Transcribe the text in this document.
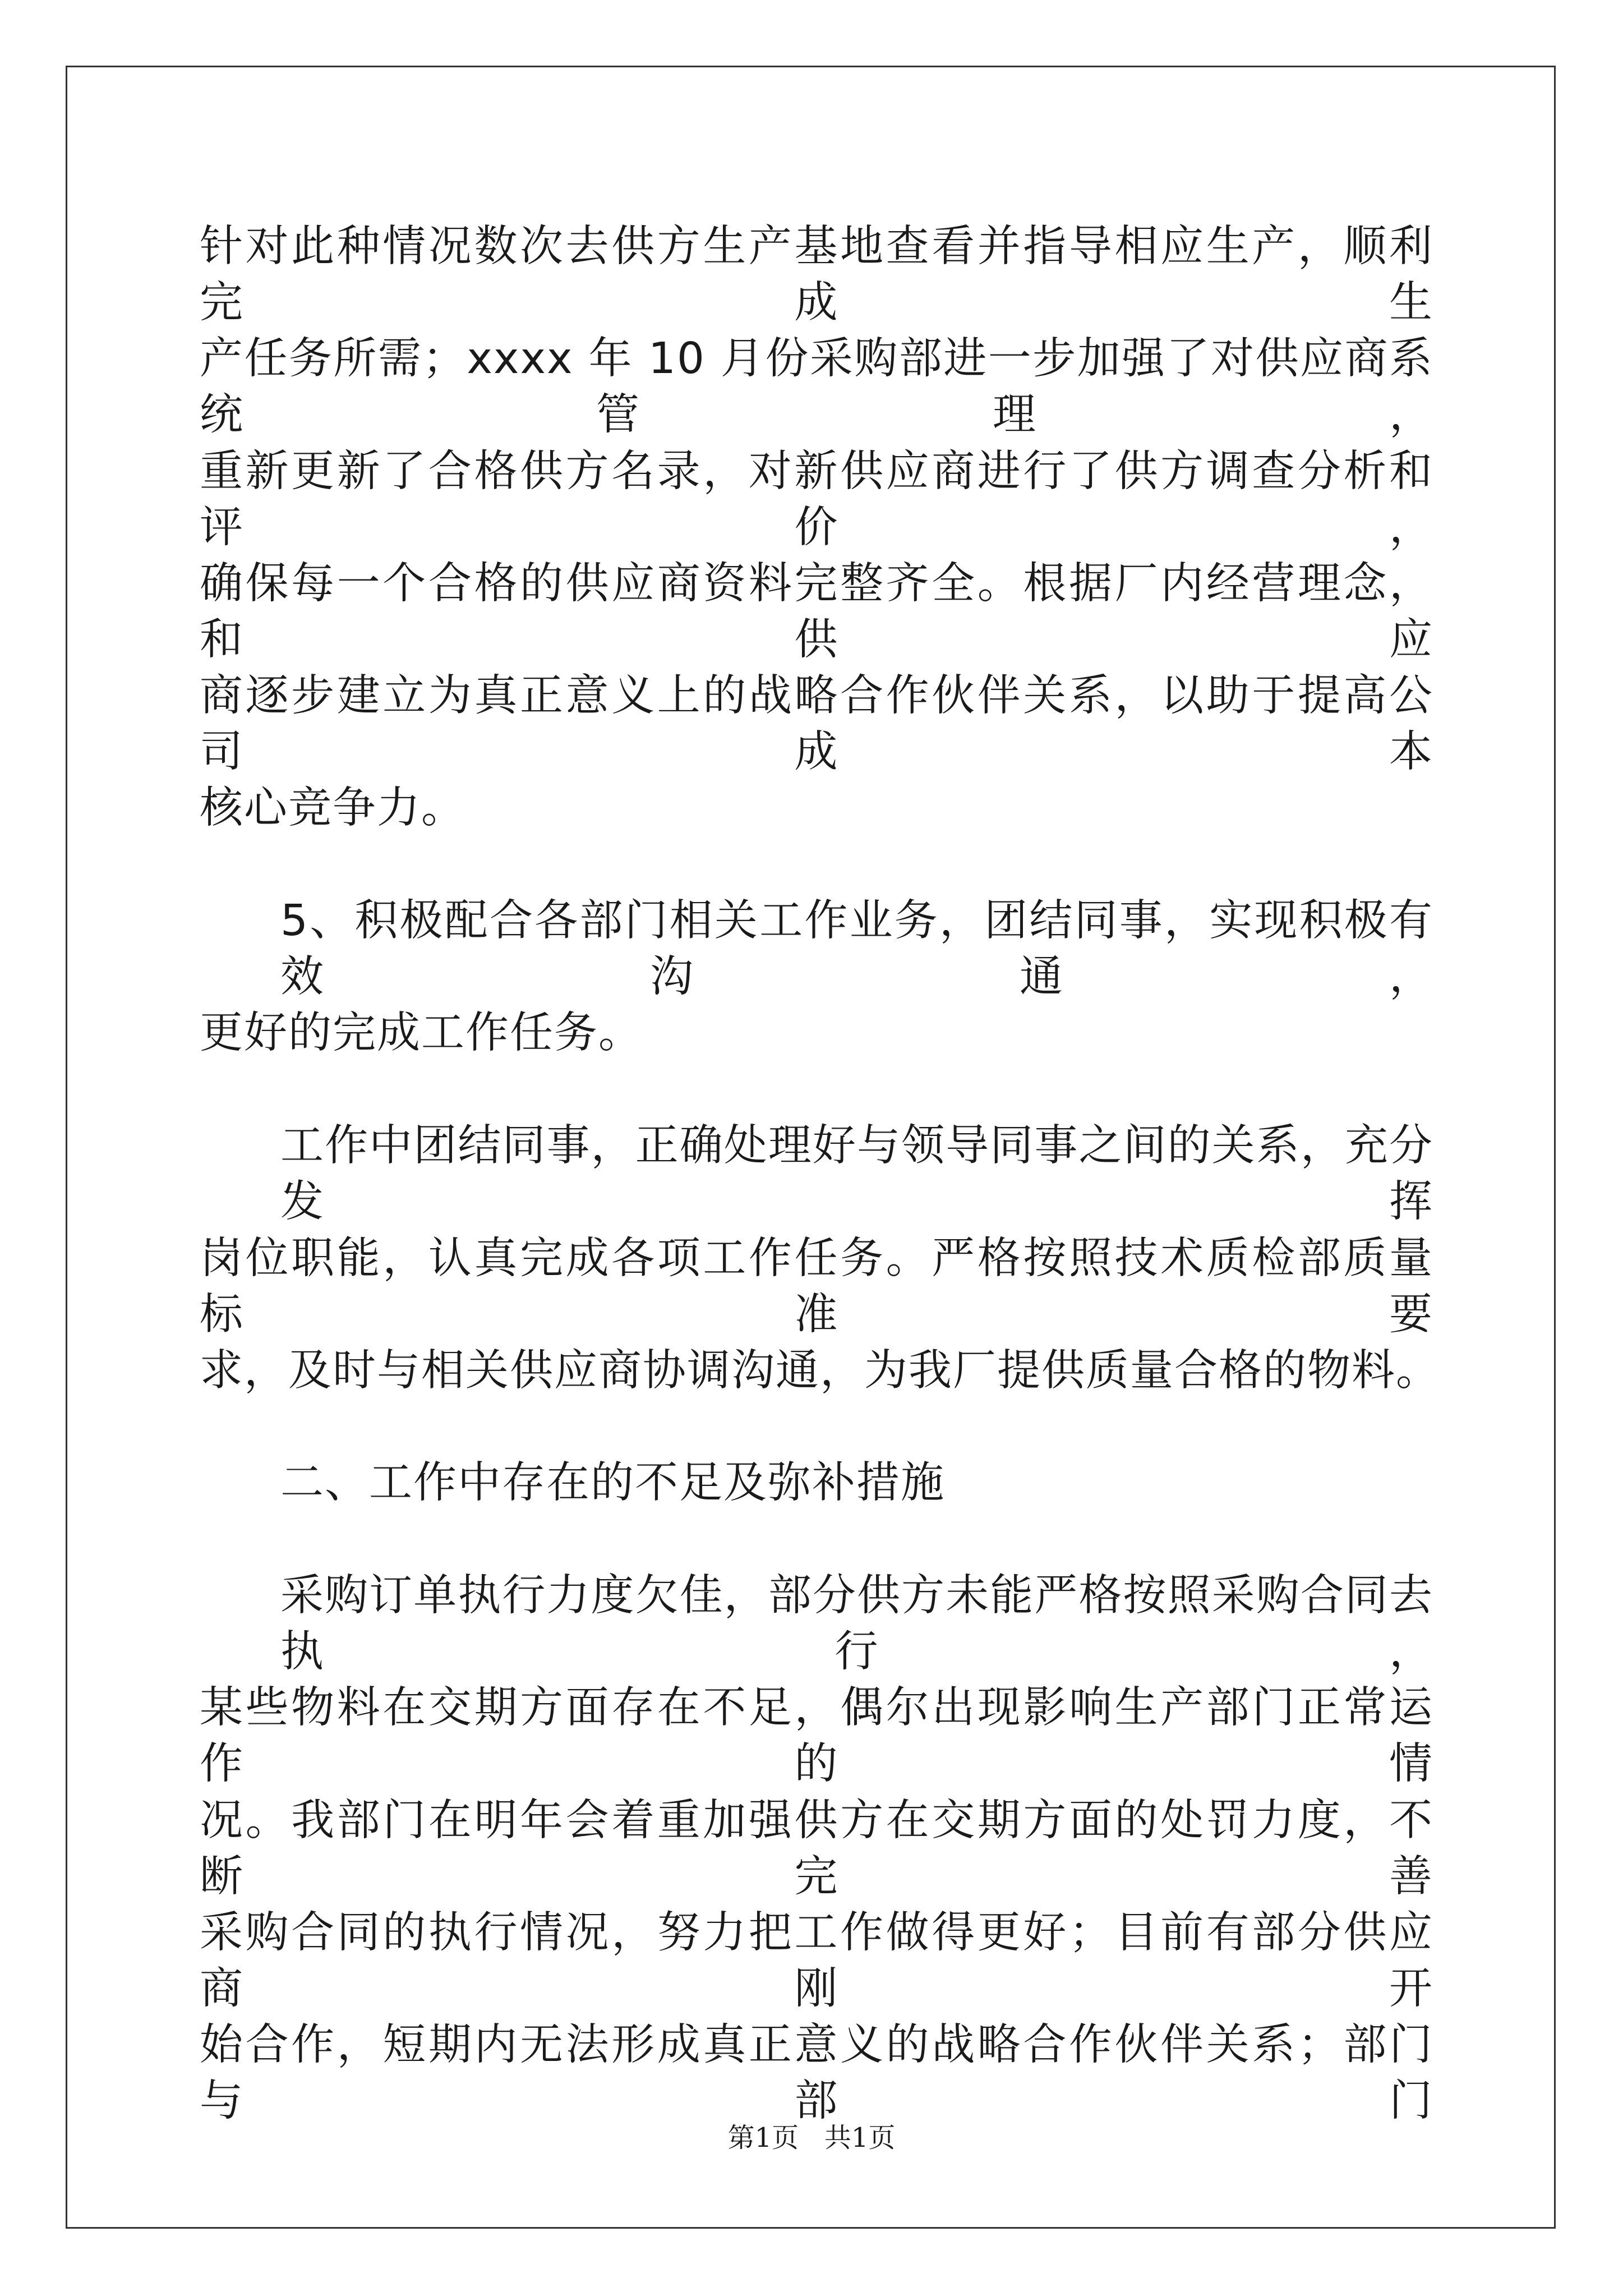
针对此种情况数次去供方生产基地查看并指导相应生产，顺利完成生
产任务所需；xxxx 年 10 月份采购部进一步加强了对供应商系统管理，
重新更新了合格供方名录，对新供应商进行了供方调查分析和评价，
确保每一个合格的供应商资料完整齐全。根据厂内经营理念，和供应
商逐步建立为真正意义上的战略合作伙伴关系，以助于提高公司成本
核心竞争力。
5、积极配合各部门相关工作业务，团结同事，实现积极有效沟通，
更好的完成工作任务。
工作中团结同事，正确处理好与领导同事之间的关系，充分发挥
岗位职能，认真完成各项工作任务。严格按照技术质检部质量标准要
求，及时与相关供应商协调沟通，为我厂提供质量合格的物料。
二、工作中存在的不足及弥补措施
采购订单执行力度欠佳，部分供方未能严格按照采购合同去执行，
某些物料在交期方面存在不足，偶尔出现影响生产部门正常运作的情
况。我部门在明年会着重加强供方在交期方面的处罚力度，不断完善
采购合同的执行情况，努力把工作做得更好；目前有部分供应商刚开
始合作，短期内无法形成真正意义的战略合作伙伴关系；部门与部门
第1页   共1页
